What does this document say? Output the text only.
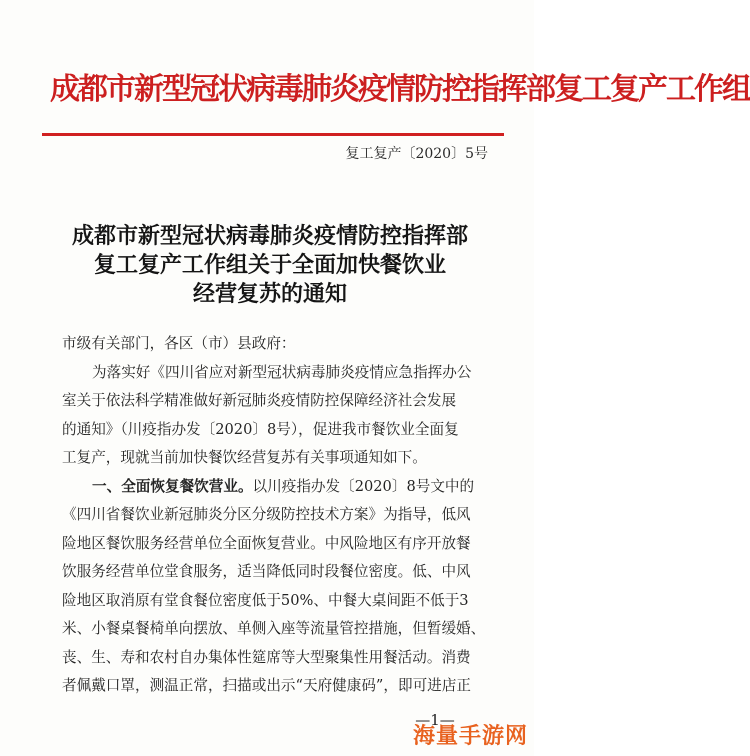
成都市新型冠状病毒肺炎疫情防控指挥部复工复产工作组
复工复产〔2020〕5号
成都市新型冠状病毒肺炎疫情防控指挥部
复工复产工作组关于全面加快餐饮业
经营复苏的通知
市级有关部门，各区（市）县政府：
为落实好《四川省应对新型冠状病毒肺炎疫情应急指挥办公
室关于依法科学精准做好新冠肺炎疫情防控保障经济社会发展
的通知》（川疫指办发〔2020〕8号），促进我市餐饮业全面复
工复产，现就当前加快餐饮经营复苏有关事项通知如下。
一、全面恢复餐饮营业。以川疫指办发〔2020〕8号文中的
《四川省餐饮业新冠肺炎分区分级防控技术方案》为指导，低风
险地区餐饮服务经营单位全面恢复营业。中风险地区有序开放餐
饮服务经营单位堂食服务，适当降低同时段餐位密度。低、中风
险地区取消原有堂食餐位密度低于50%、中餐大桌间距不低于3
米、小餐桌餐椅单向摆放、单侧入座等流量管控措施，但暂缓婚、
丧、生、寿和农村自办集体性筵席等大型聚集性用餐活动。消费
者佩戴口罩，测温正常，扫描或出示“天府健康码”，即可进店正
—1—
海量手游网
